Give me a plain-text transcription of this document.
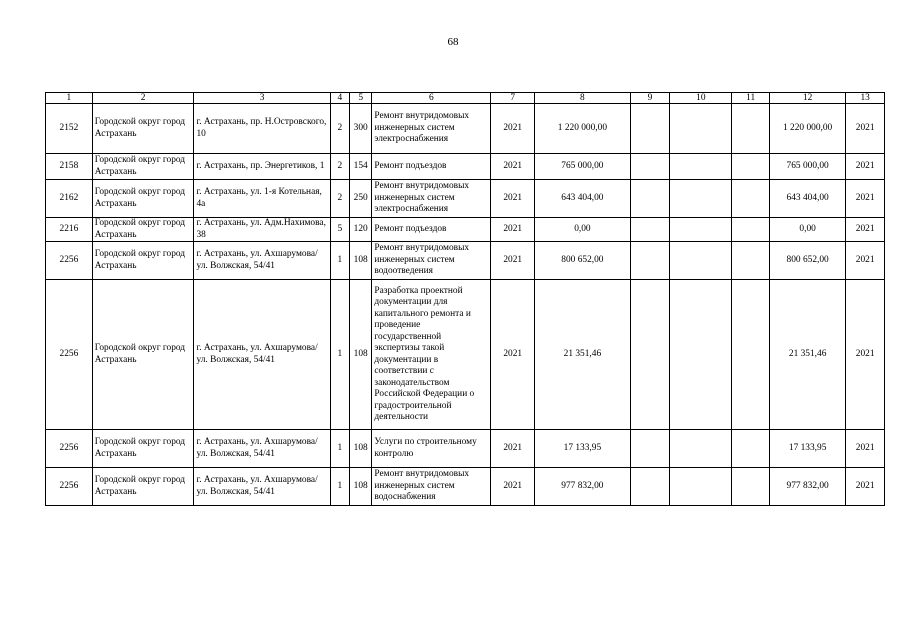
68
1	2	3	4	5	6	7	8	9	10	11	12	13
2152	Городской округ город Астрахань	г. Астрахань, пр. Н.Островского, 10	2	300	Ремонт внутридомовых инженерных систем электроснабжения	2021	1 220 000,00				1 220 000,00	2021
2158	Городской округ город Астрахань	г. Астрахань, пр. Энергетиков, 1	2	154	Ремонт подъездов	2021	765 000,00				765 000,00	2021
2162	Городской округ город Астрахань	г. Астрахань, ул. 1-я Котельная, 4а	2	250	Ремонт внутридомовых инженерных систем электроснабжения	2021	643 404,00				643 404,00	2021
2216	Городской округ город Астрахань	г. Астрахань, ул. Адм.Нахимова, 38	5	120	Ремонт подъездов	2021	0,00				0,00	2021
2256	Городской округ город Астрахань	г. Астрахань, ул. Ахшарумова/ ул. Волжская, 54/41	1	108	Ремонт внутридомовых инженерных систем водоотведения	2021	800 652,00				800 652,00	2021
2256	Городской округ город Астрахань	г. Астрахань, ул. Ахшарумова/ ул. Волжская, 54/41	1	108	Разработка проектной документации для капитального ремонта и проведение государственной экспертизы такой документации в соответствии с законодательством Российской Федерации о градостроительной деятельности	2021	21 351,46				21 351,46	2021
2256	Городской округ город Астрахань	г. Астрахань, ул. Ахшарумова/ ул. Волжская, 54/41	1	108	Услуги по строительному контролю	2021	17 133,95				17 133,95	2021
2256	Городской округ город Астрахань	г. Астрахань, ул. Ахшарумова/ ул. Волжская, 54/41	1	108	Ремонт внутридомовых инженерных систем водоснабжения	2021	977 832,00				977 832,00	2021
